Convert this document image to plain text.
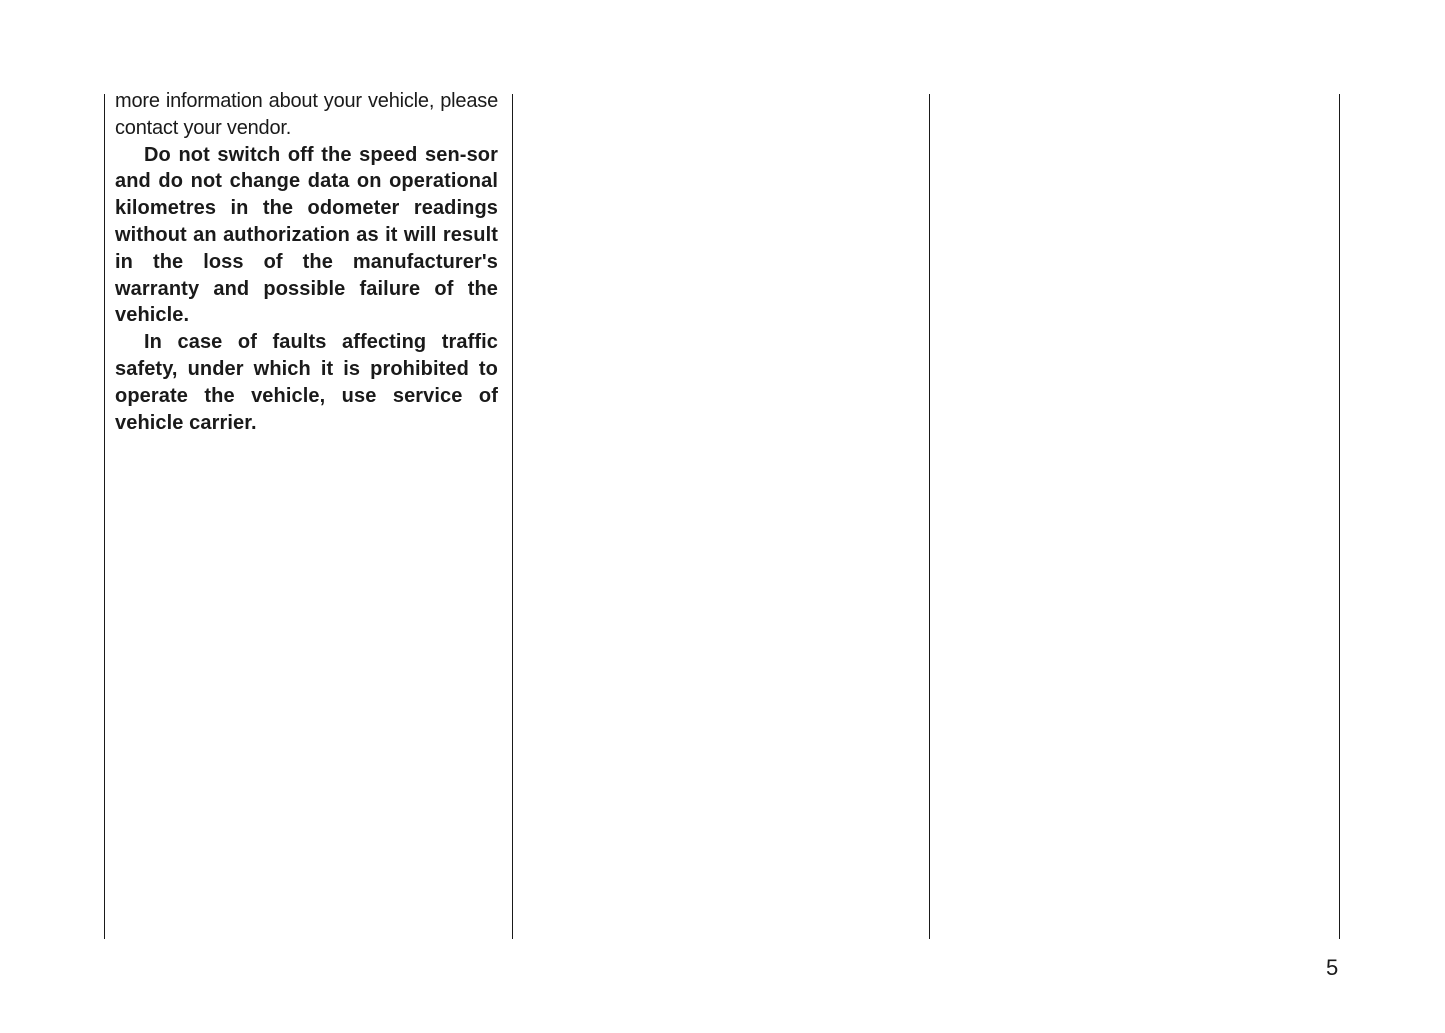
more information about your vehicle, please contact your vendor.

Do not switch off the speed sen-sor and do not change data on operational kilometres in the odometer readings without an authorization as it will result in the loss of the manufacturer's warranty and possible failure of the vehicle.

In case of faults affecting traffic safety, under which it is prohibited to operate the vehicle, use service of vehicle carrier.

5
